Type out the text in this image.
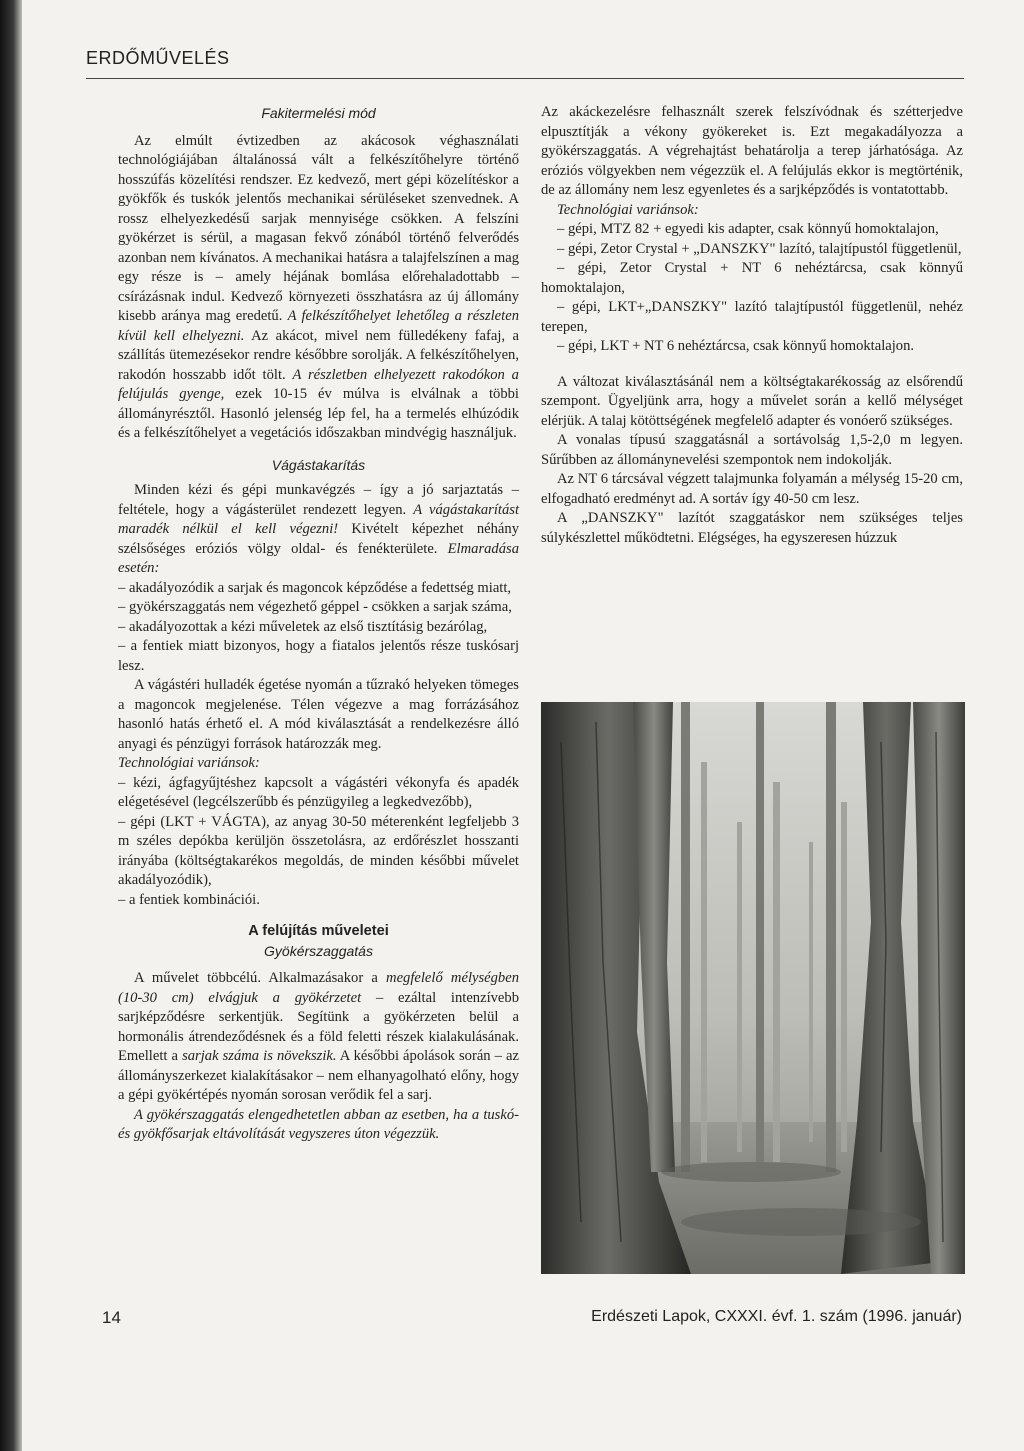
ERDŐMŰVELÉS

Fakitermelési mód

Az elmúlt évtizedben az akácosok véghasználati technológiájában általánossá vált a felkészítőhelyre történő hosszúfás közelítési rendszer. Ez kedvező, mert gépi közelítéskor a gyökfők és tuskók jelentős mechanikai sérüléseket szenvednek. A rossz elhelyezkedésű sarjak mennyisége csökken. A felszíni gyökérzet is sérül, a magasan fekvő zónából történő felverődés azonban nem kívánatos. A mechanikai hatásra a talajfelszínen a mag egy része is – amely héjának bomlása előrehaladottabb – csírázásnak indul. Kedvező környezeti összhatásra az új állomány kisebb aránya mag eredetű. A felkészítőhelyet lehetőleg a részleten kívül kell elhelyezni. Az akácot, mivel nem fülledékeny fafaj, a szállítás ütemezésekor rendre későbbre sorolják. A felkészítőhelyen, rakodón hosszabb időt tölt. A részletben elhelyezett rakodókon a felújulás gyenge, ezek 10-15 év múlva is elválnak a többi állományrésztől. Hasonló jelenség lép fel, ha a termelés elhúzódik és a felkészítőhelyet a vegetációs időszakban mindvégig használjuk.

Vágástakarítás

Minden kézi és gépi munkavégzés – így a jó sarjaztatás – feltétele, hogy a vágásterület rendezett legyen. A vágástakarítást maradék nélkül el kell végezni! Kivételt képezhet néhány szélsőséges eróziós völgy oldal- és fenékterülete. Elmaradása esetén:

– akadályozódik a sarjak és magoncok képződése a fedettség miatt,

– gyökérszaggatás nem végezhető géppel - csökken a sarjak száma,

– akadályozottak a kézi műveletek az első tisztításig bezárólag,

– a fentiek miatt bizonyos, hogy a fiatalos jelentős része tuskósarj lesz.

A vágástéri hulladék égetése nyomán a tűzrakó helyeken tömeges a magoncok megjelenése. Télen végezve a mag forrázásához hasonló hatás érhető el. A mód kiválasztását a rendelkezésre álló anyagi és pénzügyi források határozzák meg.

Technológiai variánsok:

– kézi, ágfagyűjtéshez kapcsolt a vágástéri vékonyfa és apadék elégetésével (legcélszerűbb és pénzügyileg a legkedvezőbb),

– gépi (LKT + VÁGTA), az anyag 30-50 méterenként legfeljebb 3 m széles depókba kerüljön összetolásra, az erdőrészlet hosszanti irányába (költségtakarékos megoldás, de minden későbbi művelet akadályozódik),

– a fentiek kombinációi.

A felújítás műveletei

Gyökérszaggatás

A művelet többcélú. Alkalmazásakor a megfelelő mélységben (10-30 cm) elvágjuk a gyökérzetet – ezáltal intenzívebb sarjképződésre serkentjük. Segítünk a gyökérzeten belül a hormonális átrendeződésnek és a föld feletti részek kialakulásának. Emellett a sarjak száma is növekszik. A későbbi ápolások során – az állományszerkezet kialakításakor – nem elhanyagolható előny, hogy a gépi gyökértépés nyomán sorosan verődik fel a sarj.

A gyökérszaggatás elengedhetetlen abban az esetben, ha a tuskó- és gyökfősarjak eltávolítását vegyszeres úton végezzük.

Az akáckezelésre felhasznált szerek felszívódnak és szétterjedve elpusztítják a vékony gyökereket is. Ezt megakadályozza a gyökérszaggatás. A végrehajtást behatárolja a terep járhatósága. Az eróziós völgyekben nem végezzük el. A felújulás ekkor is megtörténik, de az állomány nem lesz egyenletes és a sarjképződés is vontatottabb.

Technológiai variánsok:

– gépi, MTZ 82 + egyedi kis adapter, csak könnyű homoktalajon,

– gépi, Zetor Crystal + „DANSZKY" lazító, talajtípustól függetlenül,

– gépi, Zetor Crystal + NT 6 nehéztárcsa, csak könnyű homoktalajon,

– gépi, LKT+„DANSZKY" lazító talajtípustól függetlenül, nehéz terepen,

– gépi, LKT + NT 6 nehéztárcsa, csak könnyű homoktalajon.

A változat kiválasztásánál nem a költségtakarékosság az elsőrendű szempont. Ügyeljünk arra, hogy a művelet során a kellő mélységet elérjük. A talaj kötöttségének megfelelő adapter és vonóerő szükséges.

A vonalas típusú szaggatásnál a sortávolság 1,5-2,0 m legyen. Sűrűbben az állománynevelési szempontok nem indokolják.

Az NT 6 tárcsával végzett talajmunka folyamán a mélység 15-20 cm, elfogadható eredményt ad. A sortáv így 40-50 cm lesz.

A „DANSZKY" lazítót szaggatáskor nem szükséges teljes súlykészlettel működtetni. Elégséges, ha egyszeresen húzzuk

14	Erdészeti Lapok, CXXXI. évf. 1. szám (1996. január)
